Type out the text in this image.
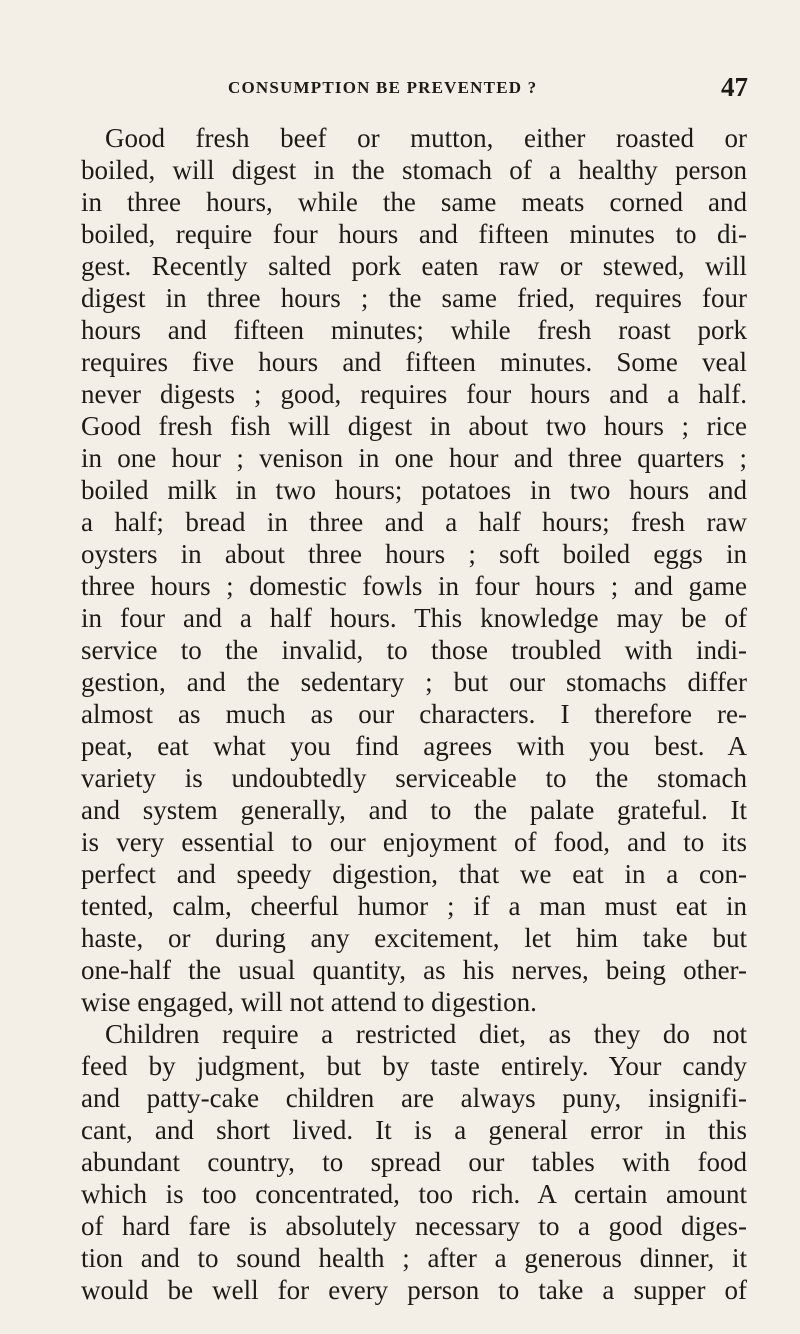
CONSUMPTION BE PREVENTED ?	47
Good fresh beef or mutton, either roasted or
boiled, will digest in the stomach of a healthy person
in three hours, while the same meats corned and
boiled, require four hours and fifteen minutes to di-
gest. Recently salted pork eaten raw or stewed, will
digest in three hours ; the same fried, requires four
hours and fifteen minutes; while fresh roast pork
requires five hours and fifteen minutes. Some veal
never digests ; good, requires four hours and a half.
Good fresh fish will digest in about two hours ; rice
in one hour ; venison in one hour and three quarters ;
boiled milk in two hours; potatoes in two hours and
a half; bread in three and a half hours; fresh raw
oysters in about three hours ; soft boiled eggs in
three hours ; domestic fowls in four hours ; and game
in four and a half hours. This knowledge may be of
service to the invalid, to those troubled with indi-
gestion, and the sedentary ; but our stomachs differ
almost as much as our characters. I therefore re-
peat, eat what you find agrees with you best. A
variety is undoubtedly serviceable to the stomach
and system generally, and to the palate grateful. It
is very essential to our enjoyment of food, and to its
perfect and speedy digestion, that we eat in a con-
tented, calm, cheerful humor ; if a man must eat in
haste, or during any excitement, let him take but
one-half the usual quantity, as his nerves, being other-
wise engaged, will not attend to digestion.
Children require a restricted diet, as they do not
feed by judgment, but by taste entirely. Your candy
and patty-cake children are always puny, insignifi-
cant, and short lived. It is a general error in this
abundant country, to spread our tables with food
which is too concentrated, too rich. A certain amount
of hard fare is absolutely necessary to a good diges-
tion and to sound health ; after a generous dinner, it
would be well for every person to take a supper of
